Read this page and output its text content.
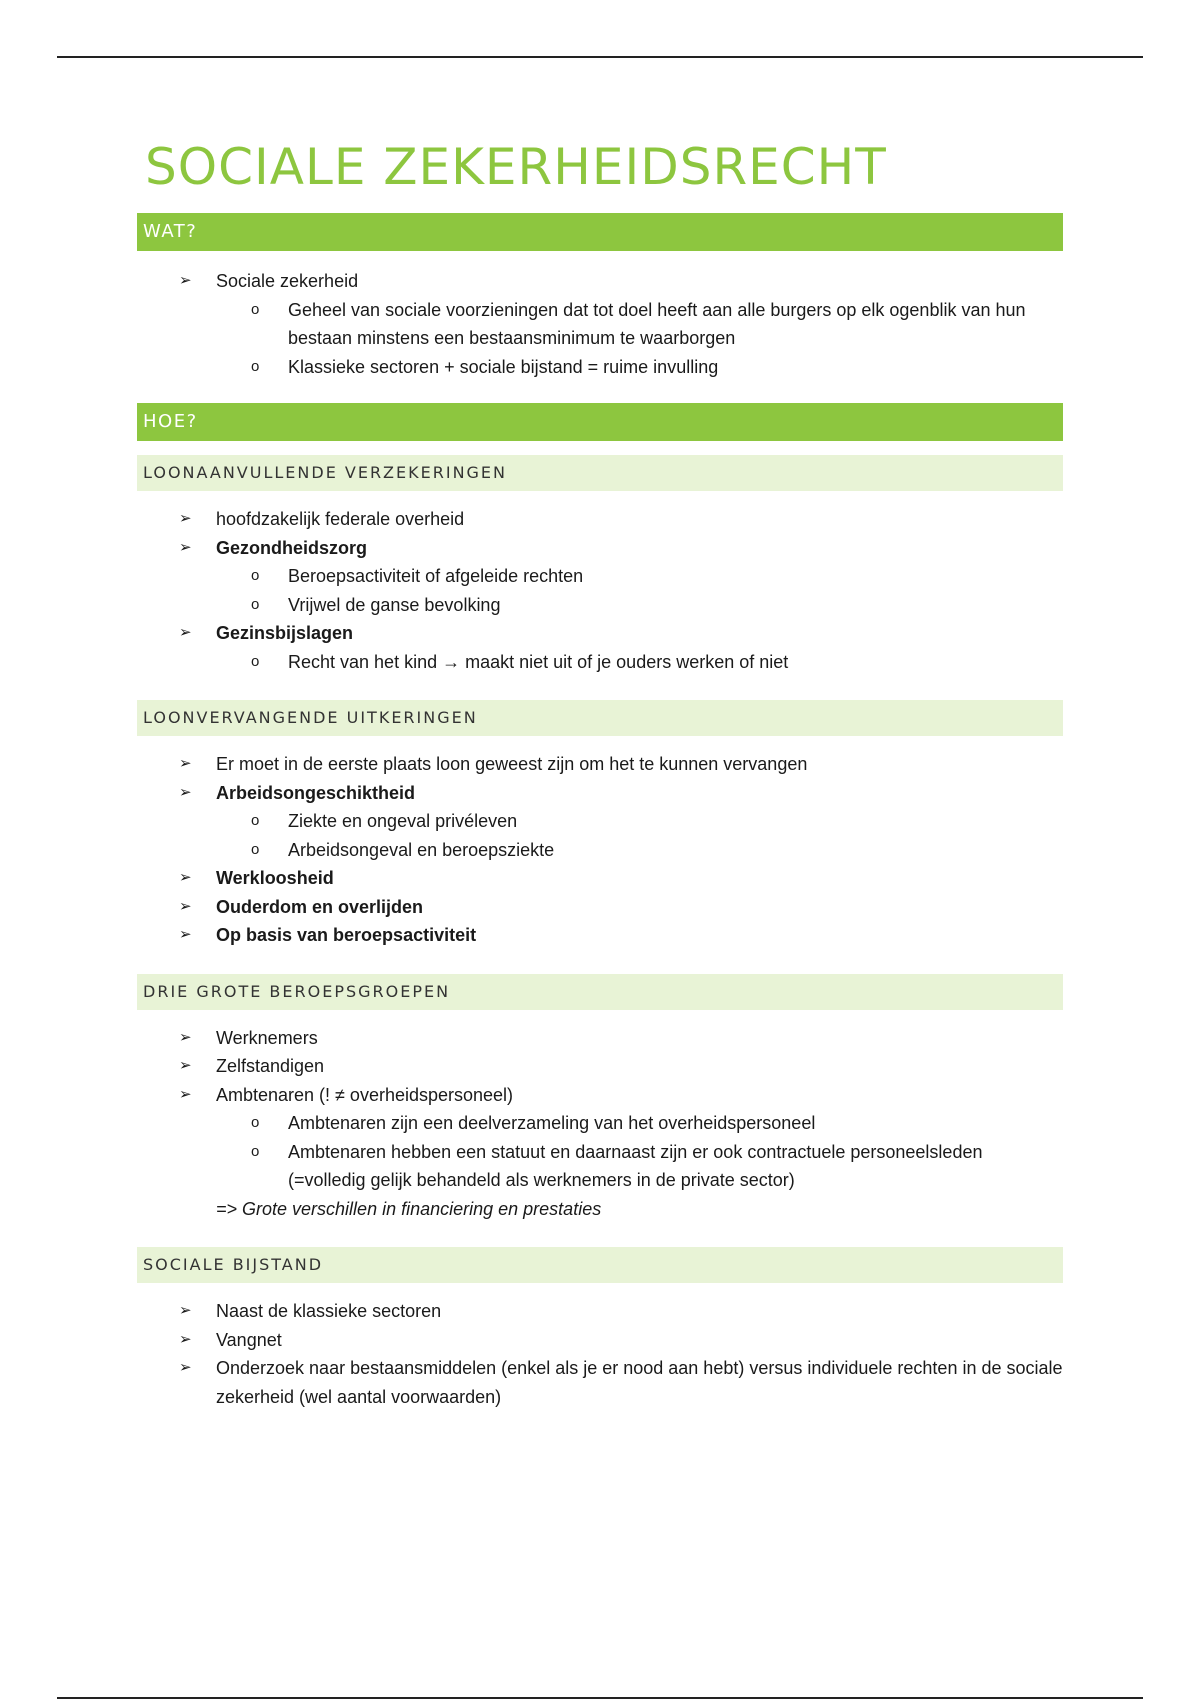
SOCIALE ZEKERHEIDSRECHT
WAT?
➢ Sociale zekerheid
o Geheel van sociale voorzieningen dat tot doel heeft aan alle burgers op elk ogenblik van hun bestaan minstens een bestaansminimum te waarborgen
o Klassieke sectoren + sociale bijstand = ruime invulling
HOE?
LOONAANVULLENDE VERZEKERINGEN
➢ hoofdzakelijk federale overheid
➢ Gezondheidszorg
o Beroepsactiviteit of afgeleide rechten
o Vrijwel de ganse bevolking
➢ Gezinsbijslagen
o Recht van het kind → maakt niet uit of je ouders werken of niet
LOONVERVANGENDE UITKERINGEN
➢ Er moet in de eerste plaats loon geweest zijn om het te kunnen vervangen
➢ Arbeidsongeschiktheid
o Ziekte en ongeval privéleven
o Arbeidsongeval en beroepsziekte
➢ Werkloosheid
➢ Ouderdom en overlijden
➢ Op basis van beroepsactiviteit
DRIE GROTE BEROEPSGROEPEN
➢ Werknemers
➢ Zelfstandigen
➢ Ambtenaren (! ≠ overheidspersoneel)
o Ambtenaren zijn een deelverzameling van het overheidspersoneel
o Ambtenaren hebben een statuut en daarnaast zijn er ook contractuele personeelsleden (=volledig gelijk behandeld als werknemers in de private sector)
=> Grote verschillen in financiering en prestaties
SOCIALE BIJSTAND
➢ Naast de klassieke sectoren
➢ Vangnet
➢ Onderzoek naar bestaansmiddelen (enkel als je er nood aan hebt) versus individuele rechten in de sociale zekerheid (wel aantal voorwaarden)
